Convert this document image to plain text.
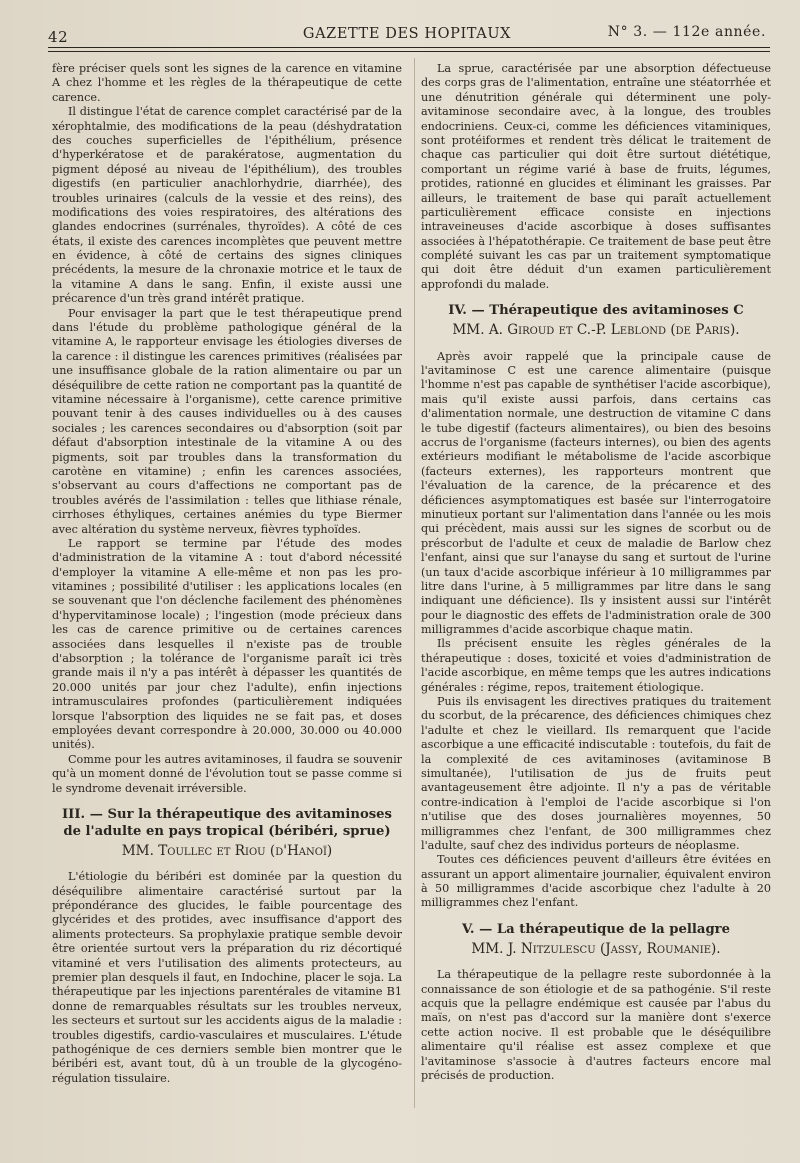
42	GAZETTE DES HOPITAUX	N° 3. — 112e année.

fère préciser quels sont les signes de la carence en vitamine A chez l'homme et les règles de la thérapeutique de cette carence.

Il distingue l'état de carence complet caractérisé par de la xérophtalmie, des modifications de la peau (déshydratation des couches superficielles de l'épithélium, présence d'hyperkératose et de parakératose, augmentation du pigment déposé au niveau de l'épithélium), des troubles digestifs (en particulier anachlorhydrie, diarrhée), des troubles urinaires (calculs de la vessie et des reins), des modifications des voies respiratoires, des altérations des glandes endocrines (surrénales, thyroïdes). A côté de ces états, il existe des carences incomplètes que peuvent mettre en évidence, à côté de certains des signes cliniques précédents, la mesure de la chronaxie motrice et le taux de la vitamine A dans le sang. Enfin, il existe aussi une précarence d'un très grand intérêt pratique.

Pour envisager la part que le test thérapeutique prend dans l'étude du problème pathologique général de la vitamine A, le rapporteur envisage les étiologies diverses de la carence : il distingue les carences primitives (réalisées par une insuffisance globale de la ration alimentaire ou par un déséquilibre de cette ration ne comportant pas la quantité de vitamine nécessaire à l'organisme), cette carence primitive pouvant tenir à des causes individuelles ou à des causes sociales ; les carences secondaires ou d'absorption (soit par défaut d'absorption intestinale de la vitamine A ou des pigments, soit par troubles dans la transformation du carotène en vitamine) ; enfin les carences associées, s'observant au cours d'affections ne comportant pas de troubles avérés de l'assimilation : telles que lithiase rénale, cirrhoses éthyliques, certaines anémies du type Biermer avec altération du système nerveux, fièvres typhoïdes.

Le rapport se termine par l'étude des modes d'administration de la vitamine A : tout d'abord nécessité d'employer la vitamine A elle-même et non pas les pro-vitamines ; possibilité d'utiliser : les applications locales (en se souvenant que l'on déclenche facilement des phénomènes d'hypervitaminose locale) ; l'ingestion (mode précieux dans les cas de carence primitive ou de certaines carences associées dans lesquelles il n'existe pas de trouble d'absorption ; la tolérance de l'organisme paraît ici très grande mais il n'y a pas intérêt à dépasser les quantités de 20.000 unités par jour chez l'adulte), enfin injections intramusculaires profondes (particulièrement indiquées lorsque l'absorption des liquides ne se fait pas, et doses employées devant correspondre à 20.000, 30.000 ou 40.000 unités).

Comme pour les autres avitaminoses, il faudra se souvenir qu'à un moment donné de l'évolution tout se passe comme si le syndrome devenait irréversible.

III. — Sur la thérapeutique des avitaminoses de l'adulte en pays tropical (béribéri, sprue)
MM. Toullec et Riou (d'Hanoï)

L'étiologie du béribéri est dominée par la question du déséquilibre alimentaire caractérisé surtout par la prépondérance des glucides, le faible pourcentage des glycérides et des protides, avec insuffisance d'apport des aliments protecteurs. Sa prophylaxie pratique semble devoir être orientée surtout vers la préparation du riz décortiqué vitaminé et vers l'utilisation des aliments protecteurs, au premier plan desquels il faut, en Indochine, placer le soja. La thérapeutique par les injections parentérales de vitamine B1 donne de remarquables résultats sur les troubles nerveux, les secteurs et surtout sur les accidents aigus de la maladie : troubles digestifs, cardio-vasculaires et musculaires. L'étude pathogénique de ces derniers semble bien montrer que le béribéri est, avant tout, dû à un trouble de la glycogéno-régulation tissulaire.

La sprue, caractérisée par une absorption défectueuse des corps gras de l'alimentation, entraîne une stéatorrhée et une dénutrition générale qui déterminent une poly-avitaminose secondaire avec, à la longue, des troubles endocriniens. Ceux-ci, comme les déficiences vitaminiques, sont protéiformes et rendent très délicat le traitement de chaque cas particulier qui doit être surtout diététique, comportant un régime varié à base de fruits, légumes, protides, rationné en glucides et éliminant les graisses. Par ailleurs, le traitement de base qui paraît actuellement particulièrement efficace consiste en injections intraveineuses d'acide ascorbique à doses suffisantes associées à l'hépatothérapie. Ce traitement de base peut être complété suivant les cas par un traitement symptomatique qui doit être déduit d'un examen particulièrement approfondi du malade.

IV. — Thérapeutique des avitaminoses C
MM. A. Giroud et C.-P. Leblond (de Paris).

Après avoir rappelé que la principale cause de l'avitaminose C est une carence alimentaire (puisque l'homme n'est pas capable de synthétiser l'acide ascorbique), mais qu'il existe aussi parfois, dans certains cas d'alimentation normale, une destruction de vitamine C dans le tube digestif (facteurs alimentaires), ou bien des besoins accrus de l'organisme (facteurs internes), ou bien des agents extérieurs modifiant le métabolisme de l'acide ascorbique (facteurs externes), les rapporteurs montrent que l'évaluation de la carence, de la précarence et des déficiences asymptomatiques est basée sur l'interrogatoire minutieux portant sur l'alimentation dans l'année ou les mois qui précèdent, mais aussi sur les signes de scorbut ou de préscorbut de l'adulte et ceux de maladie de Barlow chez l'enfant, ainsi que sur l'anayse du sang et surtout de l'urine (un taux d'acide ascorbique inférieur à 10 milligrammes par litre dans l'urine, à 5 milligrammes par litre dans le sang indiquant une déficience). Ils y insistent aussi sur l'intérêt pour le diagnostic des effets de l'administration orale de 300 milligrammes d'acide ascorbique chaque matin.

Ils précisent ensuite les règles générales de la thérapeutique : doses, toxicité et voies d'administration de l'acide ascorbique, en même temps que les autres indications générales : régime, repos, traitement étiologique.

Puis ils envisagent les directives pratiques du traitement du scorbut, de la précarence, des déficiences chimiques chez l'adulte et chez le vieillard. Ils remarquent que l'acide ascorbique a une efficacité indiscutable : toutefois, du fait de la complexité de ces avitaminoses (avitaminose B simultanée), l'utilisation de jus de fruits peut avantageusement être adjointe. Il n'y a pas de véritable contre-indication à l'emploi de l'acide ascorbique si l'on n'utilise que des doses journalières moyennes, 50 milligrammes chez l'enfant, de 300 milligrammes chez l'adulte, sauf chez des individus porteurs de néoplasme.

Toutes ces déficiences peuvent d'ailleurs être évitées en assurant un apport alimentaire journalier, équivalent environ à 50 milligrammes d'acide ascorbique chez l'adulte à 20 milligrammes chez l'enfant.

V. — La thérapeutique de la pellagre
MM. J. Nitzulescu (Jassy, Roumanie).

La thérapeutique de la pellagre reste subordonnée à la connaissance de son étiologie et de sa pathogénie. S'il reste acquis que la pellagre endémique est causée par l'abus du maïs, on n'est pas d'accord sur la manière dont s'exerce cette action nocive. Il est probable que le déséquilibre alimentaire qu'il réalise est assez complexe et que l'avitaminose s'associe à d'autres facteurs encore mal précisés de production.
